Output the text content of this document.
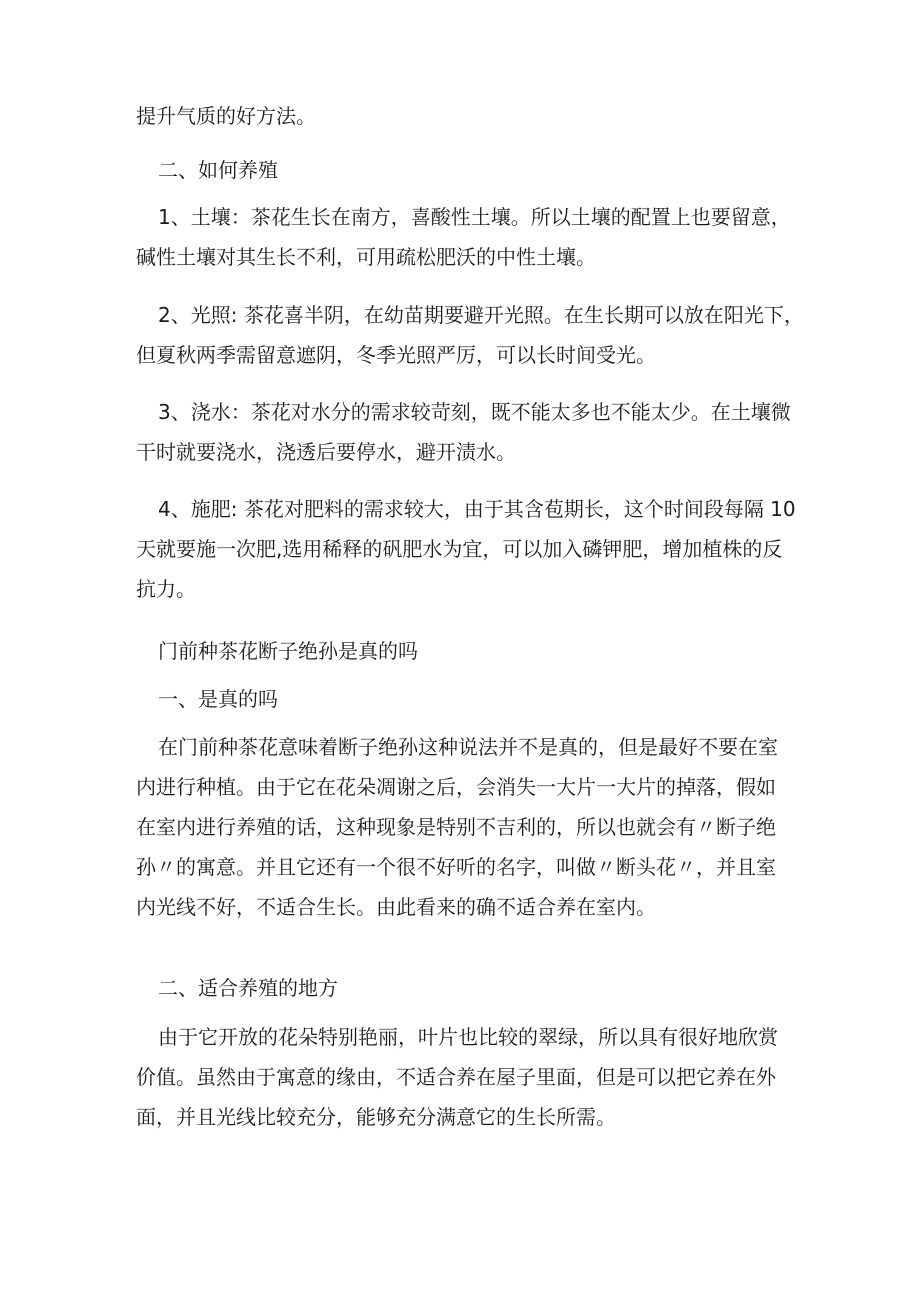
提升气质的好方法。

二、如何养殖

1、土壤：茶花生长在南方，喜酸性土壤。所以土壤的配置上也要留意，
碱性土壤对其生长不利，可用疏松肥沃的中性土壤。

2、光照: 茶花喜半阴，在幼苗期要避开光照。在生长期可以放在阳光下，
但夏秋两季需留意遮阴，冬季光照严厉，可以长时间受光。

3、浇水：茶花对水分的需求较苛刻，既不能太多也不能太少。在土壤微
干时就要浇水，浇透后要停水，避开渍水。

4、施肥: 茶花对肥料的需求较大，由于其含苞期长，这个时间段每隔 10
天就要施一次肥,选用稀释的矾肥水为宜，可以加入磷钾肥，增加植株的反
抗力。

门前种茶花断子绝孙是真的吗

一、是真的吗

在门前种茶花意味着断子绝孙这种说法并不是真的，但是最好不要在室
内进行种植。由于它在花朵凋谢之后，会消失一大片一大片的掉落，假如
在室内进行养殖的话，这种现象是特别不吉利的，所以也就会有〃断子绝
孙〃的寓意。并且它还有一个很不好听的名字，叫做〃断头花〃，并且室
内光线不好，不适合生长。由此看来的确不适合养在室内。

二、适合养殖的地方

由于它开放的花朵特别艳丽，叶片也比较的翠绿，所以具有很好地欣赏
价值。虽然由于寓意的缘由，不适合养在屋子里面，但是可以把它养在外
面，并且光线比较充分，能够充分满意它的生长所需。
